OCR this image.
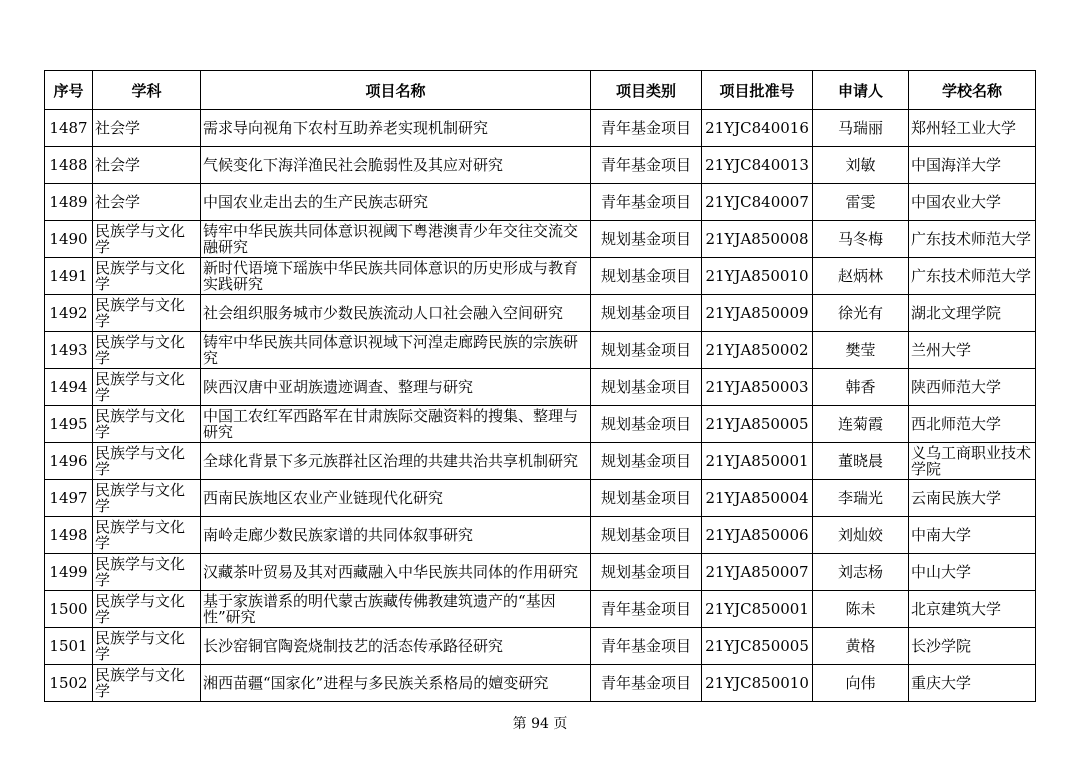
序号	学科	项目名称	项目类别	项目批准号	申请人	学校名称
1487	社会学	需求导向视角下农村互助养老实现机制研究	青年基金项目	21YJC840016	马瑞丽	郑州轻工业大学
1488	社会学	气候变化下海洋渔民社会脆弱性及其应对研究	青年基金项目	21YJC840013	刘敏	中国海洋大学
1489	社会学	中国农业走出去的生产民族志研究	青年基金项目	21YJC840007	雷雯	中国农业大学
1490	民族学与文化学	铸牢中华民族共同体意识视阈下粤港澳青少年交往交流交融研究	规划基金项目	21YJA850008	马冬梅	广东技术师范大学
1491	民族学与文化学	新时代语境下瑶族中华民族共同体意识的历史形成与教育实践研究	规划基金项目	21YJA850010	赵炳林	广东技术师范大学
1492	民族学与文化学	社会组织服务城市少数民族流动人口社会融入空间研究	规划基金项目	21YJA850009	徐光有	湖北文理学院
1493	民族学与文化学	铸牢中华民族共同体意识视域下河湟走廊跨民族的宗族研究	规划基金项目	21YJA850002	樊莹	兰州大学
1494	民族学与文化学	陕西汉唐中亚胡族遗迹调查、整理与研究	规划基金项目	21YJA850003	韩香	陕西师范大学
1495	民族学与文化学	中国工农红军西路军在甘肃族际交融资料的搜集、整理与研究	规划基金项目	21YJA850005	连菊霞	西北师范大学
1496	民族学与文化学	全球化背景下多元族群社区治理的共建共治共享机制研究	规划基金项目	21YJA850001	董晓晨	义乌工商职业技术学院
1497	民族学与文化学	西南民族地区农业产业链现代化研究	规划基金项目	21YJA850004	李瑞光	云南民族大学
1498	民族学与文化学	南岭走廊少数民族家谱的共同体叙事研究	规划基金项目	21YJA850006	刘灿姣	中南大学
1499	民族学与文化学	汉藏茶叶贸易及其对西藏融入中华民族共同体的作用研究	规划基金项目	21YJA850007	刘志杨	中山大学
1500	民族学与文化学	基于家族谱系的明代蒙古族藏传佛教建筑遗产的“基因性”研究	青年基金项目	21YJC850001	陈未	北京建筑大学
1501	民族学与文化学	长沙窑铜官陶瓷烧制技艺的活态传承路径研究	青年基金项目	21YJC850005	黄格	长沙学院
1502	民族学与文化学	湘西苗疆“国家化”进程与多民族关系格局的嬗变研究	青年基金项目	21YJC850010	向伟	重庆大学
第 94 页
